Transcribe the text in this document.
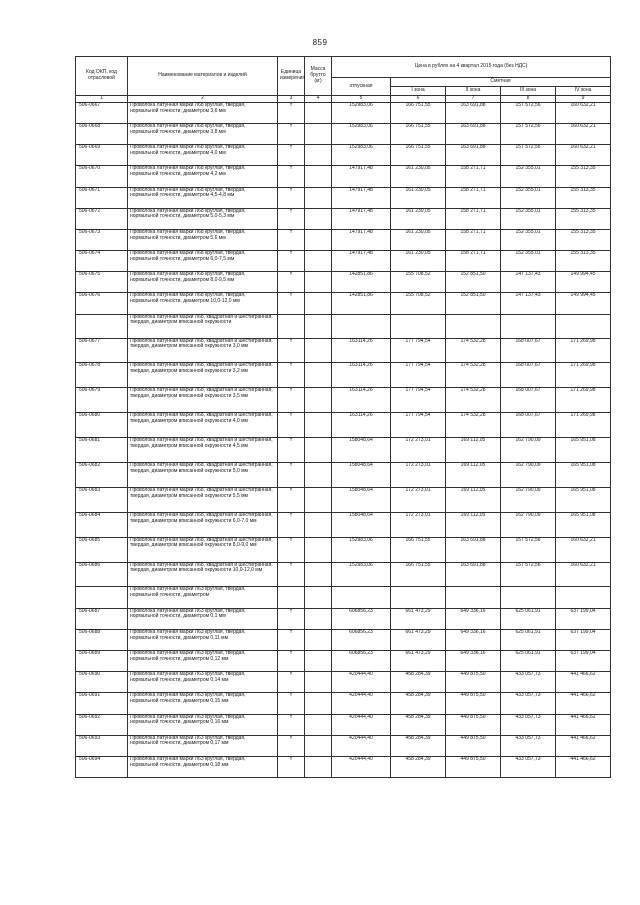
859
Код ОКП, код отраслевой	Наименование материалов и изделий	Единица измерения	Масса брутто (кг)	Цена в рублях на 4 квартал 2015 года (без НДС)				
				отпускная	Сметная			
					I зона	II зона	III зона	IV зона
1	2	3	4	5	6	7	8	9
506-0667	Проволока латунная марки Л68 круглая, твердая, нормальной точности, диаметром 3,6 мм	т		152983,06	166 751,55	163 691,88	157 572,56	160 632,21
506-0668	Проволока латунная марки Л68 круглая, твердая, нормальной точности, диаметром 3,8 мм	т		152983,06	166 751,55	163 691,88	157 572,56	160 632,21
506-0669	Проволока латунная марки Л68 круглая, твердая, нормальной точности, диаметром 4,0 мм	т		152983,06	166 751,55	163 691,88	157 572,56	160 632,21
506-0670	Проволока латунная марки Л68 круглая, твердая, нормальной точности, диаметром 4,2 мм	т		147917,48	161 230,05	158 271,71	152 355,01	155 313,35
506-0671	Проволока латунная марки Л68 круглая, твердая, нормальной точности, диаметром 4,5-4,8 мм	т		147917,48	161 230,05	158 271,71	152 355,01	155 313,35
506-0672	Проволока латунная марки Л68 круглая, твердая, нормальной точности, диаметром 5,0-5,3 мм	т		147917,48	161 230,05	158 271,71	152 355,01	155 313,35
506-0673	Проволока латунная марки Л68 круглая, твердая, нормальной точности, диаметром 5,6 мм	т		147917,48	161 230,05	158 271,71	152 355,01	155 313,35
506-0674	Проволока латунная марки Л68 круглая, твердая, нормальной точности, диаметром 6,0-7,5 мм	т		147917,48	161 230,05	158 271,71	152 355,01	155 313,35
506-0675	Проволока латунная марки Л68 круглая, твердая, нормальной точности, диаметром 8,0-9,5 мм	т		142851,86	155 708,52	152 851,50	147 137,43	149 994,45
506-0676	Проволока латунная марки Л68 круглая, твердая, нормальной точности, диаметром 10,0-12,0 мм	т		142851,86	155 708,52	152 851,50	147 137,43	149 994,45
	Проволока латунная марки Л68, квадратная и шестигранная, твердая, диаметром вписанной окружности							
506-0677	Проволока латунная марки Л68, квадратная и шестигранная, твердая, диаметром вписанной окружности 3,0 мм	т		163114,26	177 794,54	174 532,28	168 007,67	171 269,98
506-0678	Проволока латунная марки Л68, квадратная и шестигранная, твердая, диаметром вписанной окружности 3,2 мм	т		163114,26	177 794,54	174 532,28	168 007,67	171 269,98
506-0679	Проволока латунная марки Л68, квадратная и шестигранная, твердая, диаметром вписанной окружности 3,5 мм	т		163114,26	177 794,54	174 532,28	168 007,67	171 269,98
506-0680	Проволока латунная марки Л68, квадратная и шестигранная, твердая, диаметром вписанной окружности 4,0 мм	т		163114,26	177 794,54	174 532,28	168 007,67	171 269,98
506-0681	Проволока латунная марки Л68, квадратная и шестигранная, твердая, диаметром вписанной окружности 4,5 мм	т		158048,64	172 273,01	169 112,05	162 790,09	165 951,08
506-0682	Проволока латунная марки Л68, квадратная и шестигранная, твердая, диаметром вписанной окружности 5,0 мм	т		158048,64	172 273,01	169 112,05	162 790,09	165 951,08
506-0683	Проволока латунная марки Л68, квадратная и шестигранная, твердая, диаметром вписанной окружности 5,5 мм	т		158048,64	172 273,01	169 112,05	162 790,09	165 951,08
506-0684	Проволока латунная марки Л68, квадратная и шестигранная, твердая, диаметром вписанной окружности 6,0-7,0 мм	т		158048,64	172 273,01	169 112,05	162 790,09	165 951,08
506-0685	Проволока латунная марки Л68, квадратная и шестигранная, твердая, диаметром вписанной окружности 8,0-9,0 мм	т		152983,06	166 751,55	163 691,88	157 572,56	160 632,21
506-0686	Проволока латунная марки Л68, квадратная и шестигранная, твердая, диаметром вписанной окружности 10,0-12,0 мм	т		152983,06	166 751,55	163 691,88	157 572,56	160 632,21
	Проволока латунная марки Л63 круглая, твердая, нормальной точности, диаметром							
506-0687	Проволока латунная марки Л63 круглая, твердая, нормальной точности, диаметром 0,1 мм	т		606856,23	661 473,29	649 336,16	625 061,91	637 199,04
506-0688	Проволока латунная марки Л63 круглая, твердая, нормальной точности, диаметром 0,11 мм	т		606856,23	661 473,29	649 336,16	625 061,91	637 199,04
506-0689	Проволока латунная марки Л63 круглая, твердая, нормальной точности, диаметром 0,12 мм	т		606856,23	661 473,29	649 336,16	625 061,91	637 199,04
506-0690	Проволока латунная марки Л63 круглая, твердая, нормальной точности, диаметром 0,14 мм	т		420444,40	458 284,39	449 875,50	433 057,73	441 466,62
506-0691	Проволока латунная марки Л63 круглая, твердая, нормальной точности, диаметром 0,15 мм	т		420444,40	458 284,39	449 875,50	433 057,73	441 466,62
506-0692	Проволока латунная марки Л63 круглая, твердая, нормальной точности, диаметром 0,16 мм	т		420444,40	458 284,39	449 875,50	433 057,73	441 466,62
506-0693	Проволока латунная марки Л63 круглая, твердая, нормальной точности, диаметром 0,17 мм	т		420444,40	458 284,39	449 875,50	433 057,73	441 466,62
506-0694	Проволока латунная марки Л63 круглая, твердая, нормальной точности, диаметром 0,18 мм	т		420444,40	458 284,39	449 875,50	433 057,73	441 466,62
